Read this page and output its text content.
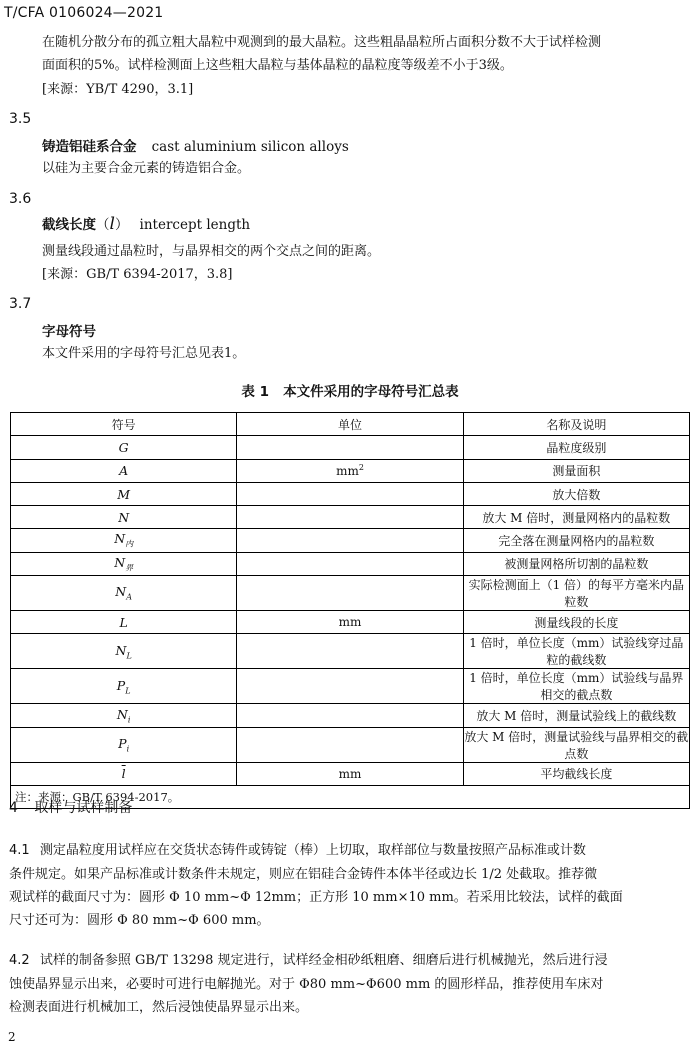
T/CFA 0106024—2021
在随机分散分布的孤立粗大晶粒中观测到的最大晶粒。这些粗晶晶粒所占面积分数不大于试样检测
面面积的5%。试样检测面上这些粗大晶粒与基体晶粒的晶粒度等级差不小于3级。
[来源：YB/T 4290，3.1]
3.5
铸造铝硅系合金 cast aluminium silicon alloys
以硅为主要合金元素的铸造铝合金。
3.6
截线长度（l） intercept length
测量线段通过晶粒时，与晶界相交的两个交点之间的距离。
[来源：GB/T 6394-2017，3.8]
3.7
字母符号
本文件采用的字母符号汇总见表1。
表 1   本文件采用的字母符号汇总表
符号	单位	名称及说明
G		晶粒度级别
A	$mm^2$	测量面积
M		放大倍数
N		放大 M 倍时，测量网格内的晶粒数
$N_内$		完全落在测量网格内的晶粒数
$N_界$		被测量网格所切割的晶粒数
$N_A$		实际检测面上（1 倍）的每平方毫米内晶粒数
L	mm	测量线段的长度
$N_L$		1 倍时，单位长度（mm）试验线穿过晶粒的截线数
$P_L$		1 倍时，单位长度（mm）试验线与晶界相交的截点数
$N_i$		放大 M 倍时，测量试验线上的截线数
$P_i$		放大 M 倍时，测量试验线与晶界相交的截点数
$\overline{l}$	mm	平均截线长度
注：来源：GB/T 6394-2017。		
4 取样与试样制备
4.1 测定晶粒度用试样应在交货状态铸件或铸锭（棒）上切取，取样部位与数量按照产品标准或计数
条件规定。如果产品标准或计数条件未规定，则应在铝硅合金铸件本体半径或边长 1/2 处截取。推荐微
观试样的截面尺寸为：圆形 Φ 10 mm~Φ 12mm；正方形 10 mm×10 mm。若采用比较法，试样的截面
尺寸还可为：圆形 Φ 80 mm~Φ 600 mm。
4.2 试样的制备参照 GB/T 13298 规定进行，试样经金相砂纸粗磨、细磨后进行机械抛光，然后进行浸
蚀使晶界显示出来，必要时可进行电解抛光。对于 Φ80 mm~Φ600 mm 的圆形样品，推荐使用车床对
检测表面进行机械加工，然后浸蚀使晶界显示出来。
2
